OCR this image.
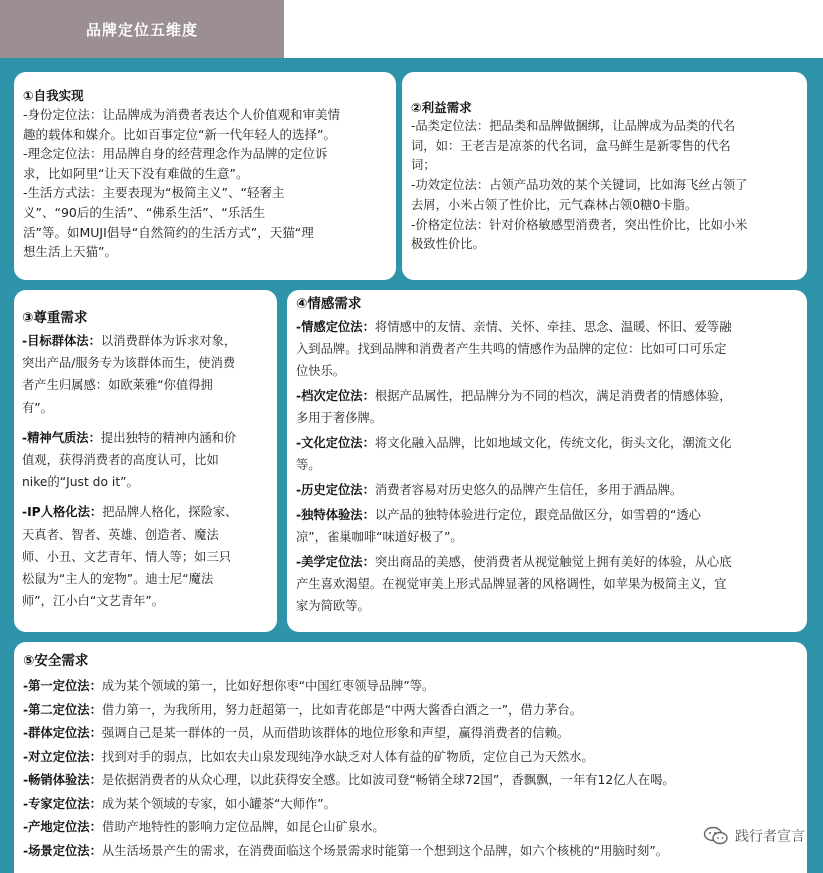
品牌定位五维度
①自我实现

-身份定位法：让品牌成为消费者表达个人价值观和审美情

趣的载体和媒介。比如百事定位“新一代年轻人的选择”。

-理念定位法：用品牌自身的经营理念作为品牌的定位诉

求，比如阿里“让天下没有难做的生意”。

-生活方式法：主要表现为“极简主义”、“轻奢主

义”、“90后的生活”、“佛系生活”、“乐活生

活”等。如MUJI倡导“自然简约的生活方式”，天猫“理

想生活上天猫”。

②利益需求

-品类定位法：把品类和品牌做捆绑，让品牌成为品类的代名

词，如：王老吉是凉茶的代名词，盒马鲜生是新零售的代名

词；

-功效定位法：占领产品功效的某个关键词，比如海飞丝占领了

去屑，小米占领了性价比，元气森林占领0糖0卡脂。

-价格定位法：针对价格敏感型消费者，突出性价比，比如小米

极致性价比。

③尊重需求

-目标群体法：以消费群体为诉求对象，

突出产品/服务专为该群体而生，使消费

者产生归属感：如欧莱雅“你值得拥

有”。

-精神气质法：提出独特的精神内涵和价

值观，获得消费者的高度认可，比如

nike的“Just do it”。

-IP人格化法：把品牌人格化，探险家、

天真者、智者、英雄、创造者、魔法

师、小丑、文艺青年、情人等；如三只

松鼠为“主人的宠物”。迪士尼“魔法

师”，江小白“文艺青年”。

④情感需求

-情感定位法：将情感中的友情、亲情、关怀、牵挂、思念、温暖、怀旧、爱等融

入到品牌。找到品牌和消费者产生共鸣的情感作为品牌的定位：比如可口可乐定

位快乐。

-档次定位法：根据产品属性，把品牌分为不同的档次，满足消费者的情感体验，

多用于奢侈牌。

-文化定位法：将文化融入品牌，比如地域文化，传统文化，街头文化，潮流文化

等。

-历史定位法：消费者容易对历史悠久的品牌产生信任，多用于酒品牌。

-独特体验法：以产品的独特体验进行定位，跟竞品做区分，如雪碧的“透心

凉”，雀巢咖啡“味道好极了”。

-美学定位法：突出商品的美感，使消费者从视觉触觉上拥有美好的体验，从心底

产生喜欢渴望。在视觉审美上形式品牌显著的风格调性，如苹果为极简主义，宜

家为简欧等。

⑤安全需求

-第一定位法：成为某个领域的第一，比如好想你枣“中国红枣领导品牌”等。

-第二定位法：借力第一，为我所用，努力赶超第一，比如青花郎是“中两大酱香白酒之一”，借力茅台。

-群体定位法：强调自己是某一群体的一员，从而借助该群体的地位形象和声望，赢得消费者的信赖。

-对立定位法：找到对手的弱点，比如农夫山泉发现纯净水缺乏对人体有益的矿物质，定位自己为天然水。

-畅销体验法：是依据消费者的从众心理，以此获得安全感。比如波司登“畅销全球72国”，香飘飘，一年有12亿人在喝。

-专家定位法：成为某个领域的专家，如小罐茶“大师作”。

-产地定位法：借助产地特性的影响力定位品牌，如昆仑山矿泉水。

-场景定位法：从生活场景产生的需求，在消费面临这个场景需求时能第一个想到这个品牌，如六个核桃的“用脑时刻”。

践行者宣言
